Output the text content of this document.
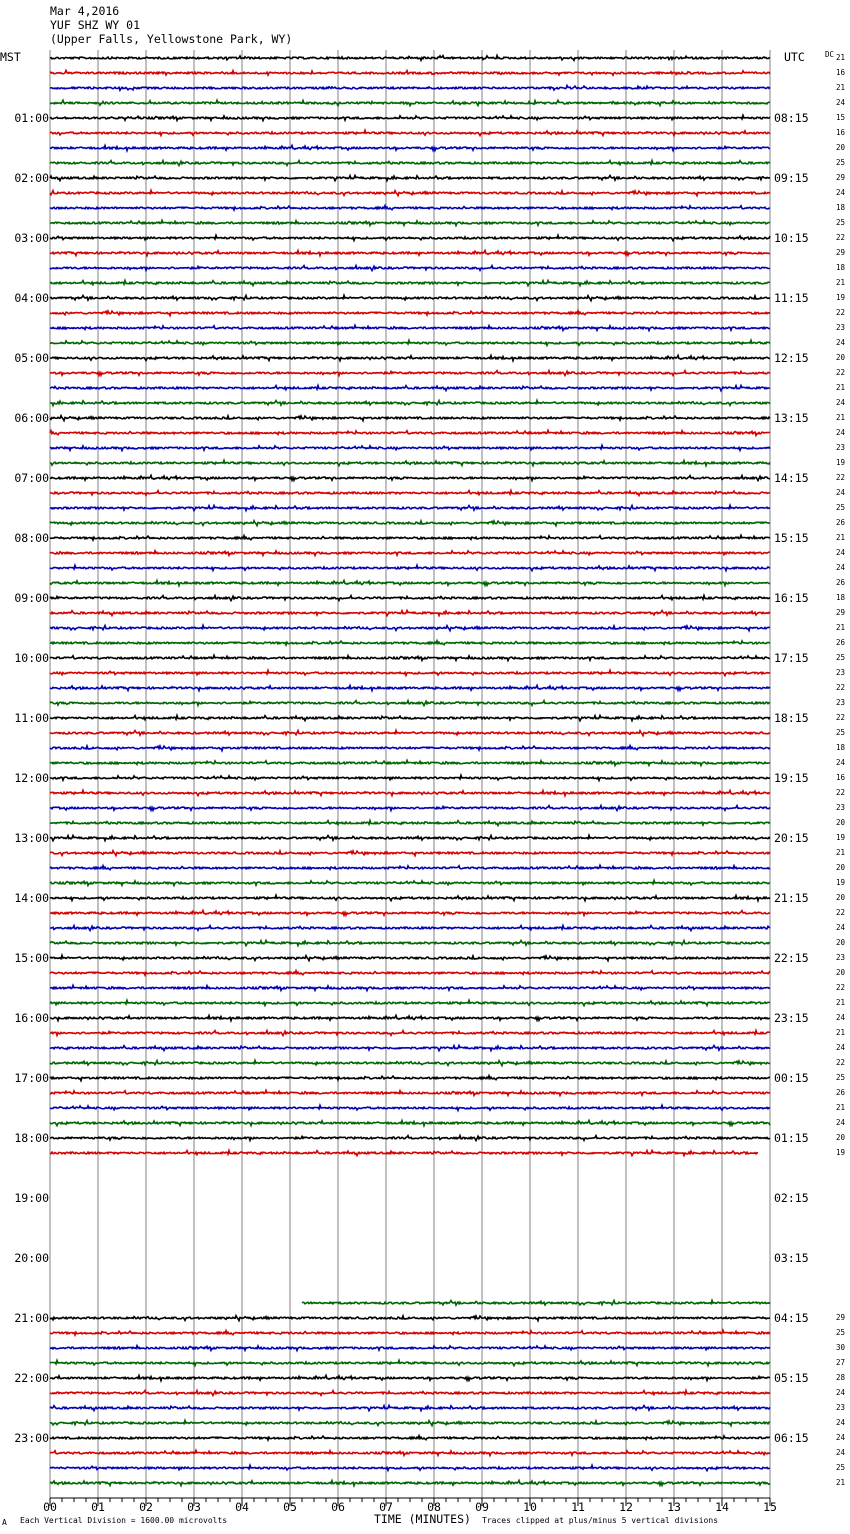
Mar 4,2016
YUF SHZ WY 01
(Upper Falls, Yellowstone Park, WY)
MST	UTC	DC 21
16
21
24
15
16
20
25
29
24
18
25
22
29
18
21
19
22
23
24
20
22
21
24
21
24
23
19
22
24
25
26
21
24
24
26
18
29
21
26
25
23
22
23
22
25
18
24
16
22
23
20
19
21
20
19
20
22
24
20
23
20
22
21
24
21
24
22
25
26
21
24
20
19
29
25
30
27
28
24
23
24
24
24
25
21
01:00	08:15
02:00	09:15
03:00	10:15
04:00	11:15
05:00	12:15
06:00	13:15
07:00	14:15
08:00	15:15
09:00	16:15
10:00	17:15
11:00	18:15
12:00	19:15
13:00	20:15
14:00	21:15
15:00	22:15
16:00	23:15
17:00	00:15
18:00	01:15
19:00	02:15
20:00	03:15
21:00	04:15
22:00	05:15
23:00	06:15
00	01	02	03	04	05	06	07	08	09	10	11	12	13	14	15
A Each Vertical Division = 1600.00 microvolts	TIME (MINUTES) Traces clipped at plus/minus 5 vertical divisions
